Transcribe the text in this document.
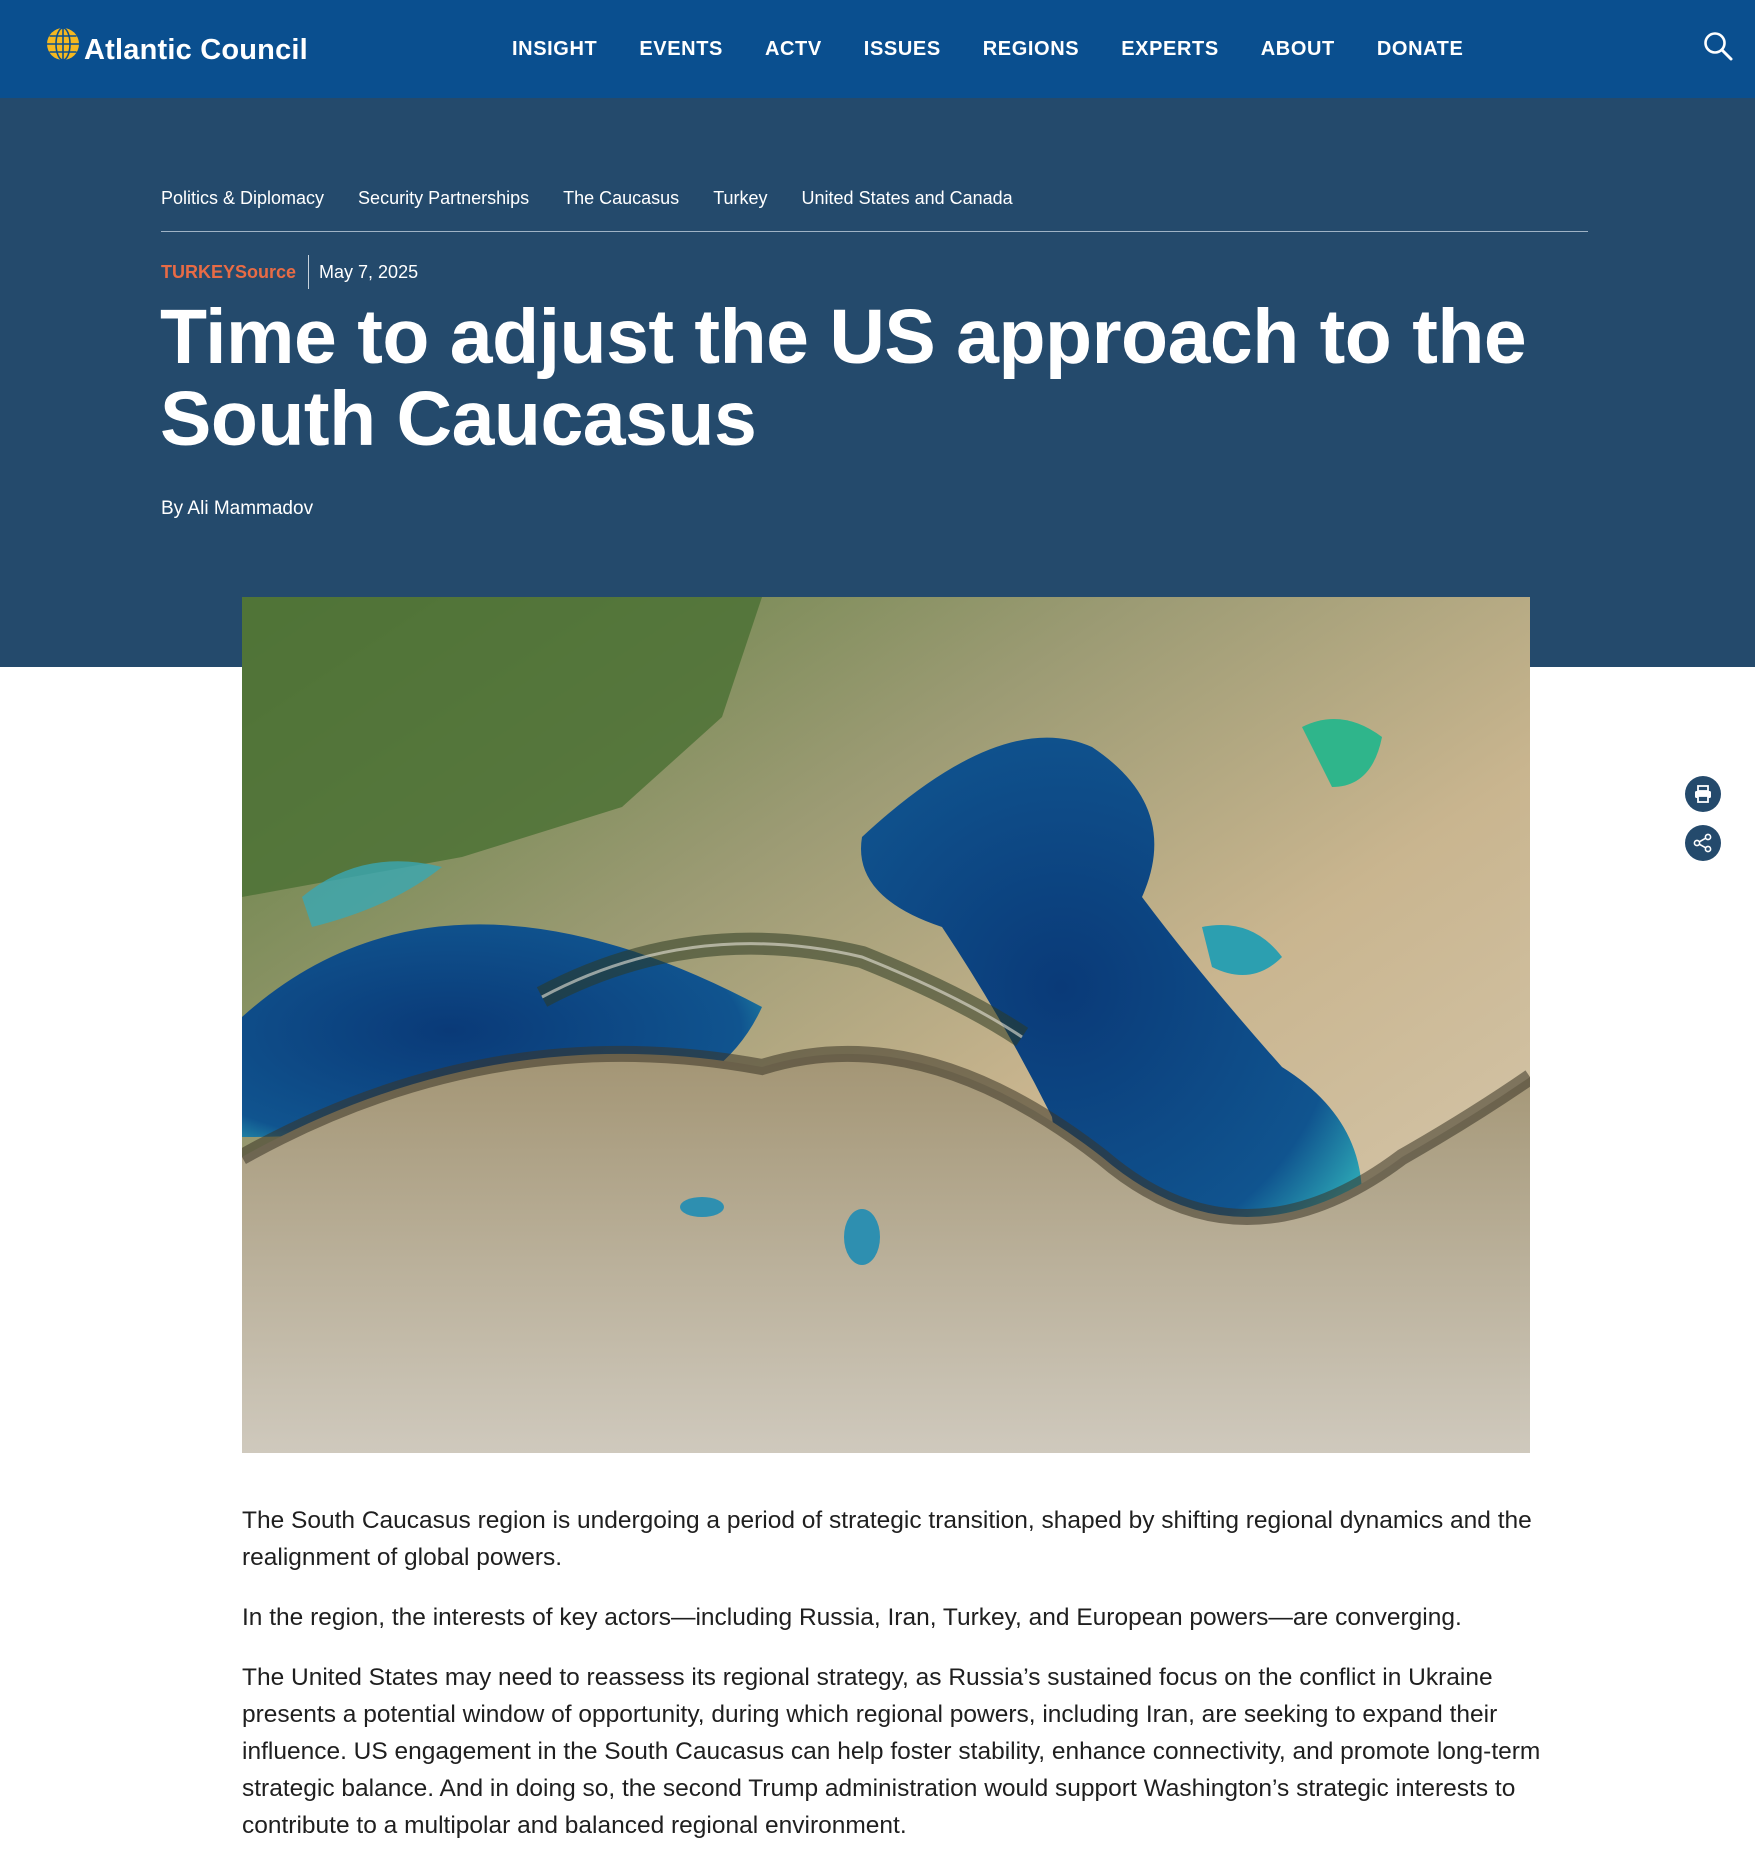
Atlantic Council	INSIGHT EVENTS ACTV ISSUES REGIONS EXPERTS ABOUT DONATE
Politics & Diplomacy Security Partnerships The Caucasus Turkey United States and Canada
TURKEYSource	May 7, 2025
Time to adjust the US approach to the South Caucasus
By Ali Mammadov

The South Caucasus region is undergoing a period of strategic transition, shaped by shifting regional dynamics and the realignment of global powers.

In the region, the interests of key actors—including Russia, Iran, Turkey, and European powers—are converging.

The United States may need to reassess its regional strategy, as Russia’s sustained focus on the conflict in Ukraine presents a potential window of opportunity, during which regional powers, including Iran, are seeking to expand their influence. US engagement in the South Caucasus can help foster stability, enhance connectivity, and promote long-term strategic balance. And in doing so, the second Trump administration would support Washington’s strategic interests to contribute to a multipolar and balanced regional environment.
